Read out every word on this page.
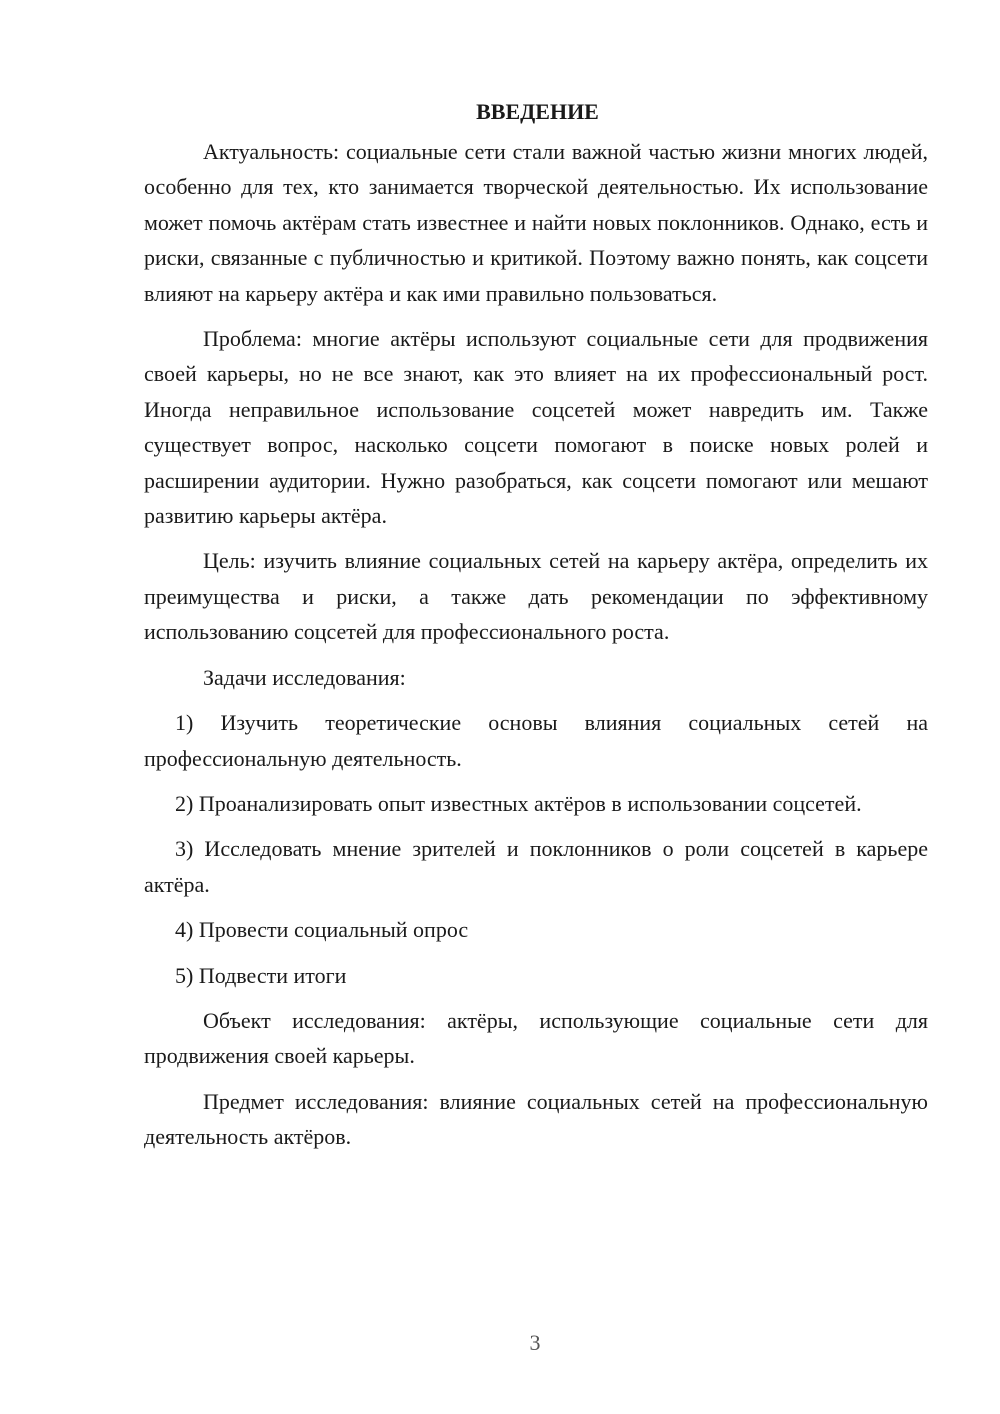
ВВЕДЕНИЕ

Актуальность: социальные сети стали важной частью жизни многих людей, особенно для тех, кто занимается творческой деятельностью. Их использование может помочь актёрам стать известнее и найти новых поклонников. Однако, есть и риски, связанные с публичностью и критикой. Поэтому важно понять, как соцсети влияют на карьеру актёра и как ими правильно пользоваться.

Проблема: многие актёры используют социальные сети для продвижения своей карьеры, но не все знают, как это влияет на их профессиональный рост. Иногда неправильное использование соцсетей может навредить им. Также существует вопрос, насколько соцсети помогают в поиске новых ролей и расширении аудитории. Нужно разобраться, как соцсети помогают или мешают развитию карьеры актёра.

Цель: изучить влияние социальных сетей на карьеру актёра, определить их преимущества и риски, а также дать рекомендации по эффективному использованию соцсетей для профессионального роста.

Задачи исследования:

1) Изучить теоретические основы влияния социальных сетей на профессиональную деятельность.

2) Проанализировать опыт известных актёров в использовании соцсетей.

3) Исследовать мнение зрителей и поклонников о роли соцсетей в карьере актёра.

4) Провести социальный опрос

5) Подвести итоги

Объект исследования: актёры, использующие социальные сети для продвижения своей карьеры.

Предмет исследования: влияние социальных сетей на профессиональную деятельность актёров.

3
